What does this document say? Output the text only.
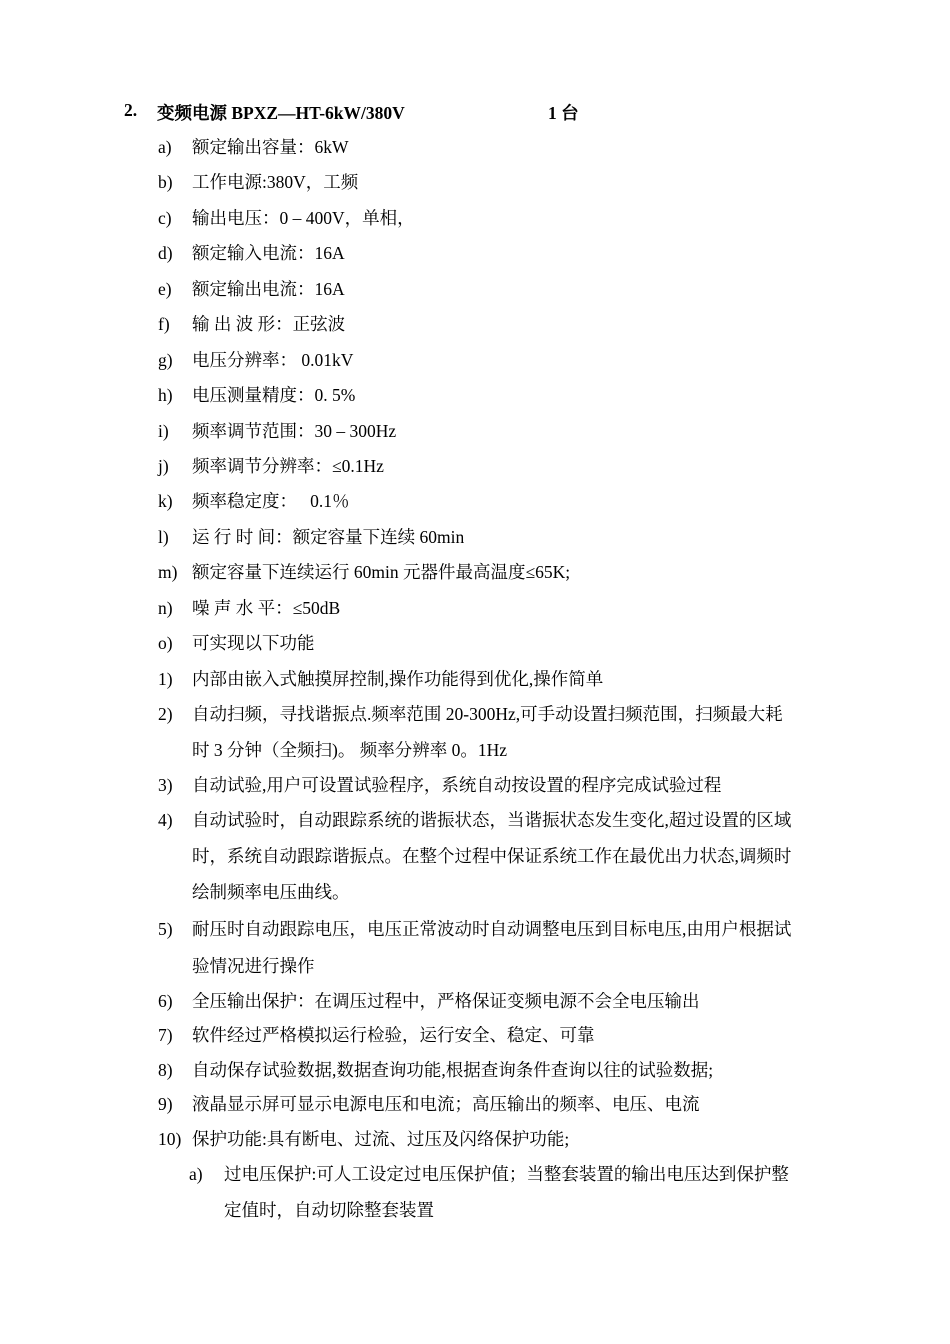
2. 变频电源 BPXZ—HT-6kW/380V	1 台
a) 额定输出容量：6kW
b) 工作电源:380V，工频
c) 输出电压：0 – 400V，单相，
d) 额定输入电流：16A
e) 额定输出电流：16A
f) 输 出 波 形：正弦波
g) 电压分辨率： 0.01kV
h) 电压测量精度：0. 5%
i) 频率调节范围：30 – 300Hz
j) 频率调节分辨率：≤0.1Hz
k) 频率稳定度：   0.1％
l) 运 行 时 间：额定容量下连续 60min
m) 额定容量下连续运行 60min 元器件最高温度≤65K;
n) 噪 声 水 平：≤50dB
o) 可实现以下功能
1) 内部由嵌入式触摸屏控制,操作功能得到优化,操作简单
2) 自动扫频，寻找谐振点.频率范围 20-300Hz,可手动设置扫频范围，扫频最大耗
时 3 分钟（全频扫)。 频率分辨率 0。1Hz
3) 自动试验,用户可设置试验程序，系统自动按设置的程序完成试验过程
4) 自动试验时，自动跟踪系统的谐振状态，当谐振状态发生变化,超过设置的区域
时，系统自动跟踪谐振点。在整个过程中保证系统工作在最优出力状态,调频时
绘制频率电压曲线。
5) 耐压时自动跟踪电压，电压正常波动时自动调整电压到目标电压,由用户根据试
验情况进行操作
6) 全压输出保护：在调压过程中，严格保证变频电源不会全电压输出
7) 软件经过严格模拟运行检验，运行安全、稳定、可靠
8) 自动保存试验数据,数据查询功能,根据查询条件查询以往的试验数据;
9) 液晶显示屏可显示电源电压和电流；高压输出的频率、电压、电流
10) 保护功能:具有断电、过流、过压及闪络保护功能;
a) 过电压保护:可人工设定过电压保护值；当整套装置的输出电压达到保护整
定值时，自动切除整套装置
